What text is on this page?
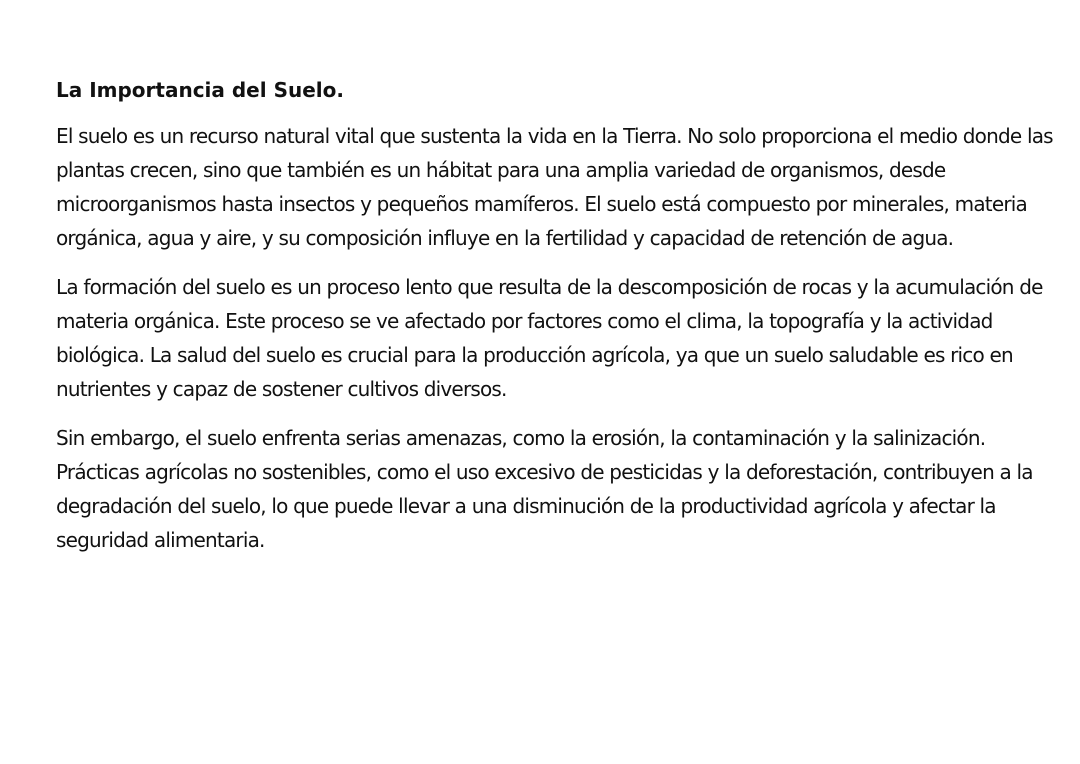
La Importancia del Suelo.

El suelo es un recurso natural vital que sustenta la vida en la Tierra. No solo proporciona el medio donde las plantas crecen, sino que también es un hábitat para una amplia variedad de organismos, desde microorganismos hasta insectos y pequeños mamíferos. El suelo está compuesto por minerales, materia orgánica, agua y aire, y su composición influye en la fertilidad y capacidad de retención de agua.

La formación del suelo es un proceso lento que resulta de la descomposición de rocas y la acumulación de materia orgánica. Este proceso se ve afectado por factores como el clima, la topografía y la actividad biológica. La salud del suelo es crucial para la producción agrícola, ya que un suelo saludable es rico en nutrientes y capaz de sostener cultivos diversos.

Sin embargo, el suelo enfrenta serias amenazas, como la erosión, la contaminación y la salinización. Prácticas agrícolas no sostenibles, como el uso excesivo de pesticidas y la deforestación, contribuyen a la degradación del suelo, lo que puede llevar a una disminución de la productividad agrícola y afectar la seguridad alimentaria.
